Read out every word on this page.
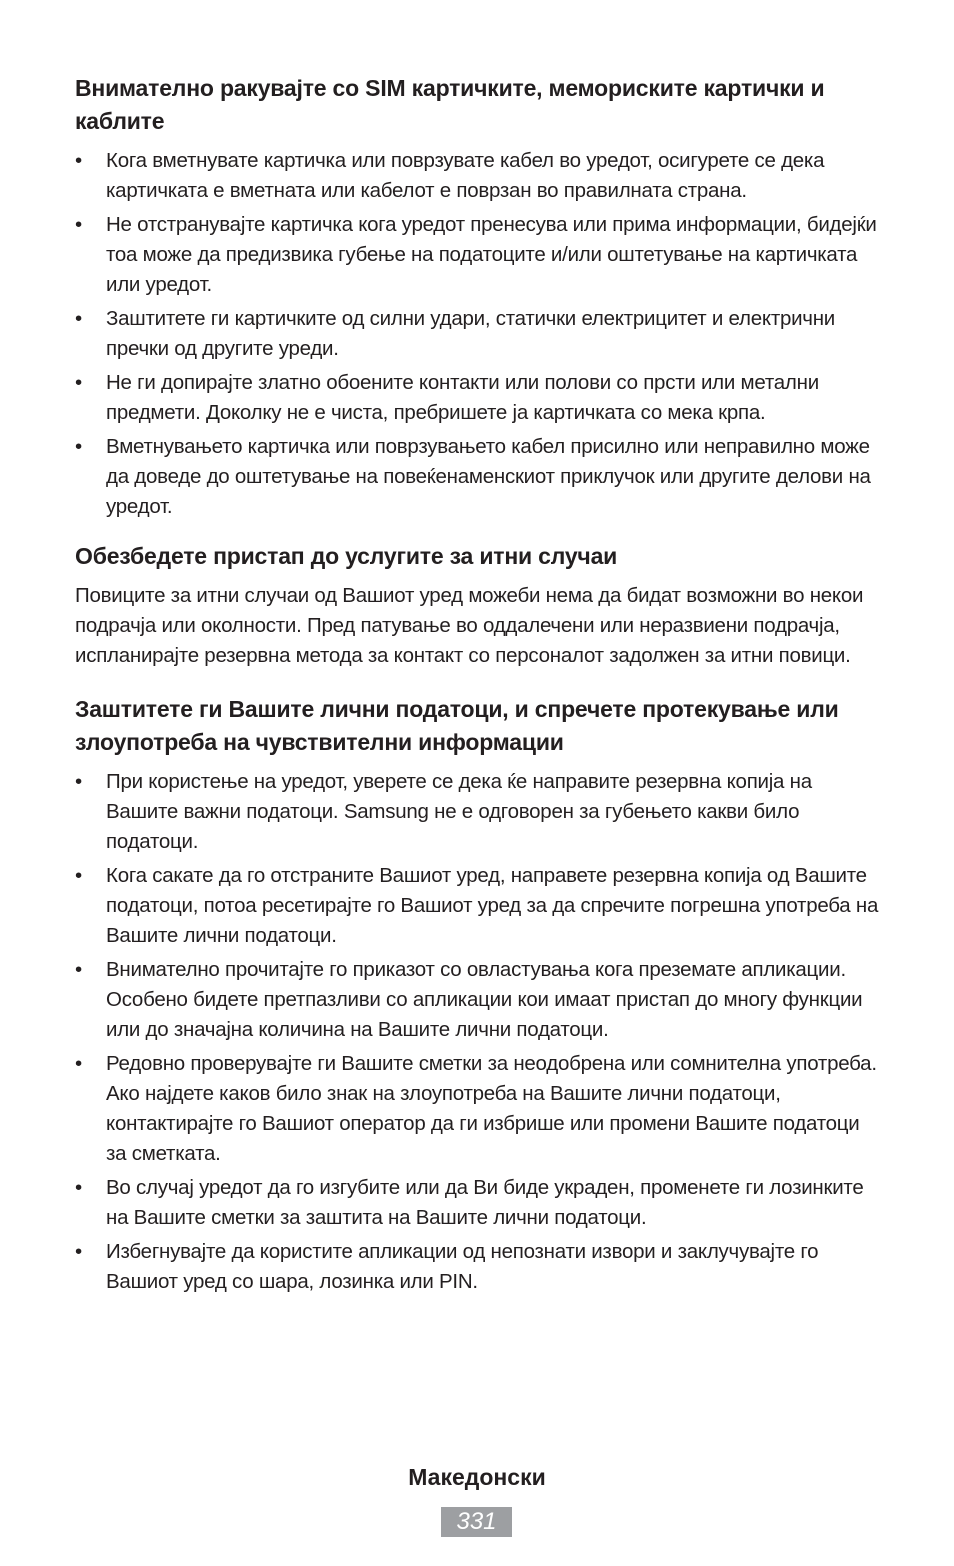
Внимателно ракувајте со SIM картичките, мемориските картички и каблите
• Кога вметнувате картичка или поврзувате кабел во уредот, осигурете се дека картичката е вметната или кабелот е поврзан во правилната страна.
• Не отстранувајте картичка кога уредот пренесува или прима информации, бидејќи тоа може да предизвика губење на податоците и/или оштетување на картичката или уредот.
• Заштитете ги картичките од силни удари, статички електрицитет и електрични пречки од другите уреди.
• Не ги допирајте златно обоените контакти или полови со прсти или метални предмети. Доколку не е чиста, пребришете ја картичката со мека крпа.
• Вметнувањето картичка или поврзувањето кабел присилно или неправилно може да доведе до оштетување на повеќенаменскиот приклучок или другите делови на уредот.
Обезбедете пристап до услугите за итни случаи

Повиците за итни случаи од Вашиот уред можеби нема да бидат возможни во некои подрачја или околности. Пред патување во оддалечени или неразвиени подрачја, испланирајте резервна метода за контакт со персоналот задолжен за итни повици.

Заштитете ги Вашите лични податоци, и спречете протекување или злоупотреба на чувствителни информации
• При користење на уредот, уверете се дека ќе направите резервна копија на Вашите важни податоци. Samsung не е одговорен за губењето какви било податоци.
• Кога сакате да го отстраните Вашиот уред, направете резервна копија од Вашите податоци, потоа ресетирајте го Вашиот уред за да спречите погрешна употреба на Вашите лични податоци.
• Внимателно прочитајте го приказот со овластувања кога преземате апликации. Особено бидете претпазливи со апликации кои имаат пристап до многу функции или до значајна количина на Вашите лични податоци.
• Редовно проверувајте ги Вашите сметки за неодобрена или сомнителна употреба. Ако најдете каков било знак на злоупотреба на Вашите лични податоци, контактирајте го Вашиот оператор да ги избрише или промени Вашите податоци за сметката.
• Во случај уредот да го изгубите или да Ви биде украден, променете ги лозинките на Вашите сметки за заштита на Вашите лични податоци.
• Избегнувајте да користите апликации од непознати извори и заклучувајте го Вашиот уред со шара, лозинка или PIN.
Македонски
331
